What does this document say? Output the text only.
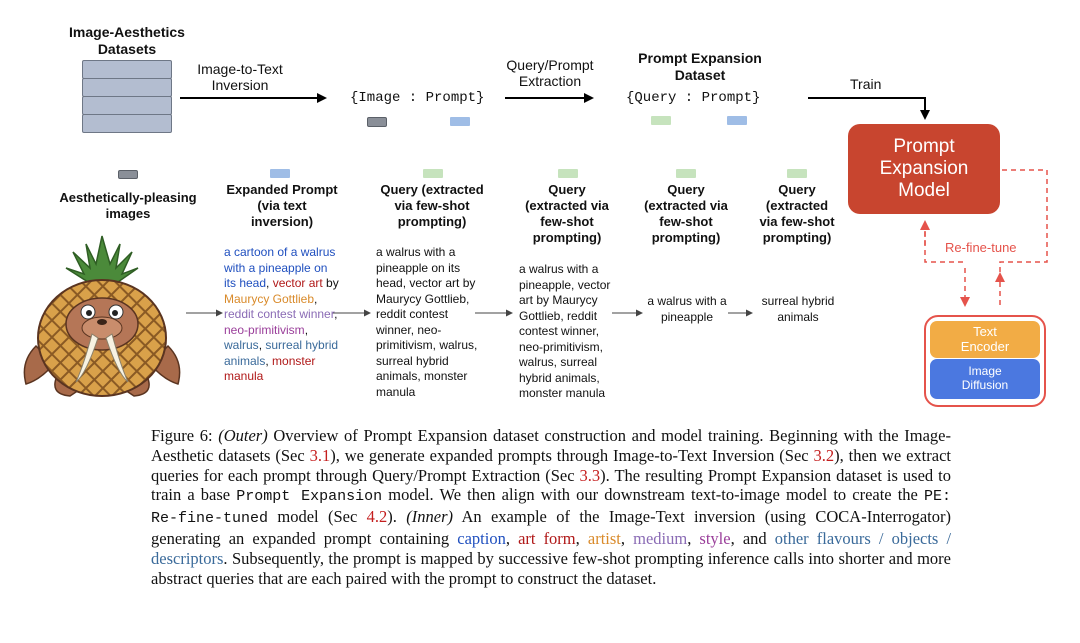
Image-Aesthetics
Datasets
Image-to-Text
Inversion
{Image : Prompt}
Query/Prompt
Extraction
Prompt Expansion
Dataset
{Query : Prompt}
Train
Prompt
Expansion
Model
Re-fine-tune
Text
Encoder
Image
Diffusion
Aesthetically-pleasing
images
Expanded Prompt
(via text
inversion)
Query (extracted
via few-shot
prompting)
Query
(extracted via
few-shot
prompting)
Query
(extracted via
few-shot
prompting)
Query
(extracted
via few-shot
prompting)
a cartoon of a walrus with a pineapple on its head, vector art by Maurycy Gottlieb, reddit contest winner, neo-primitivism, walrus, surreal hybrid animals, monster manula
a walrus with a pineapple on its head, vector art by Maurycy Gottlieb, reddit contest winner, neo-primitivism, walrus, surreal hybrid animals, monster manula
a walrus with a pineapple, vector art by Maurycy Gottlieb, reddit contest winner, neo-primitivism, walrus, surreal hybrid animals, monster manula
a walrus with a pineapple
surreal hybrid animals
Figure 6: (Outer) Overview of Prompt Expansion dataset construction and model training. Beginning with the Image-Aesthetic datasets (Sec 3.1), we generate expanded prompts through Image-to-Text Inversion (Sec 3.2), then we extract queries for each prompt through Query/Prompt Extraction (Sec 3.3). The resulting Prompt Expansion dataset is used to train a base Prompt Expansion model. We then align with our downstream text-to-image model to create the PE: Re-fine-tuned model (Sec 4.2). (Inner) An example of the Image-Text inversion (using COCA-Interrogator) generating an expanded prompt containing caption, art form, artist, medium, style, and other flavours / objects / descriptors. Subsequently, the prompt is mapped by successive few-shot prompting inference calls into shorter and more abstract queries that are each paired with the prompt to construct the dataset.
